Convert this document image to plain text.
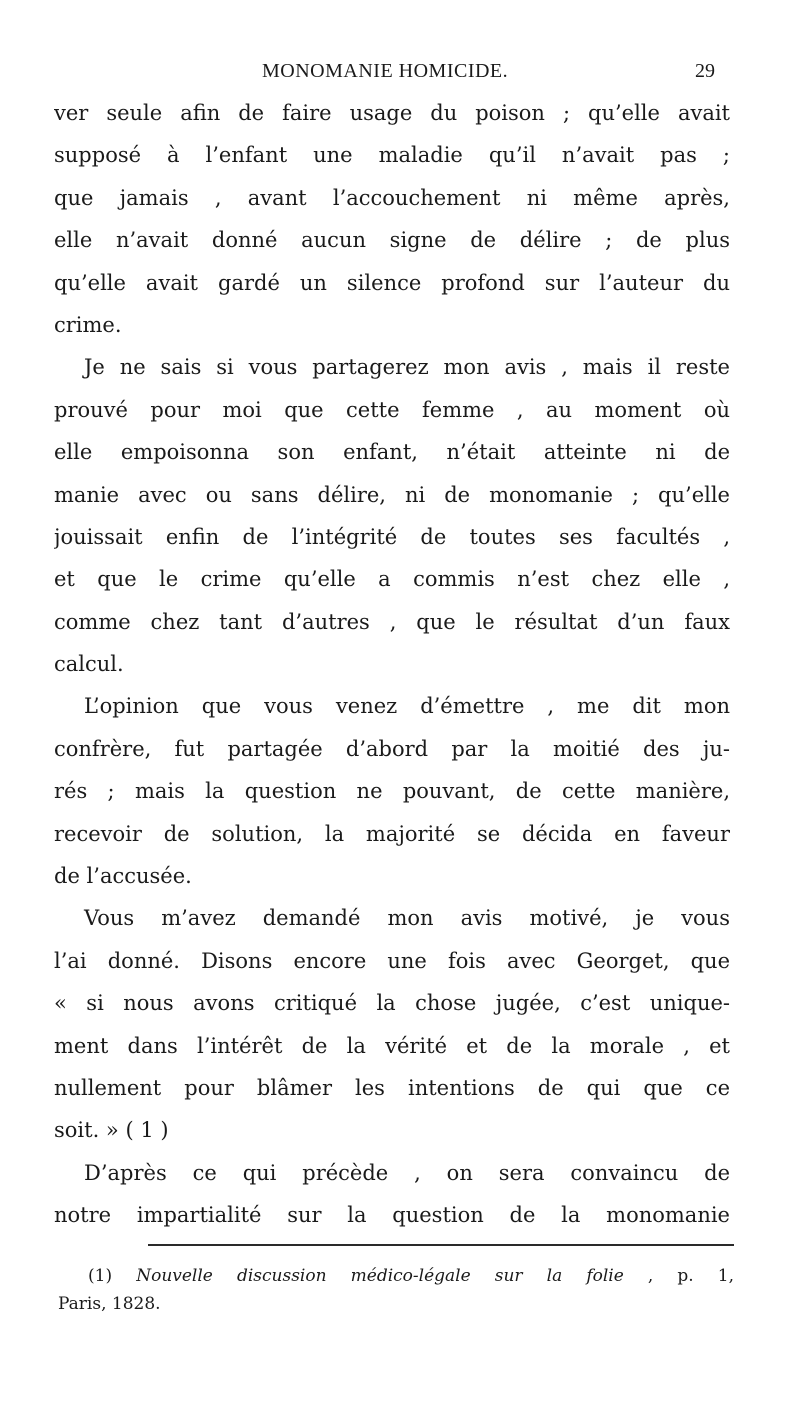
MONOMANIE HOMICIDE.	29
ver seule afin de faire usage du poison ; qu’elle avait
supposé à l’enfant une maladie qu’il n’avait pas ;
que jamais , avant l’accouchement ni même après,
elle n’avait donné aucun signe de délire ; de plus
qu’elle avait gardé un silence profond sur l’auteur du
crime.
Je ne sais si vous partagerez mon avis , mais il reste
prouvé pour moi que cette femme , au moment où
elle empoisonna son enfant, n’était atteinte ni de
manie avec ou sans délire, ni de monomanie ; qu’elle
jouissait enfin de l’intégrité de toutes ses facultés ,
et que le crime qu’elle a commis n’est chez elle ,
comme chez tant d’autres , que le résultat d’un faux
calcul.
L’opinion que vous venez d’émettre , me dit mon
confrère, fut partagée d’abord par la moitié des ju-
rés ; mais la question ne pouvant, de cette manière,
recevoir de solution, la majorité se décida en faveur
de l’accusée.
Vous m’avez demandé mon avis motivé, je vous
l’ai donné. Disons encore une fois avec Georget, que
« si nous avons critiqué la chose jugée, c’est unique-
ment dans l’intérêt de la vérité et de la morale , et
nullement pour blâmer les intentions de qui que ce
soit. » ( 1 )
D’après ce qui précède , on sera convaincu de
notre impartialité sur la question de la monomanie
(1) Nouvelle discussion médico-légale sur la folie , p. 1,
Paris, 1828.
